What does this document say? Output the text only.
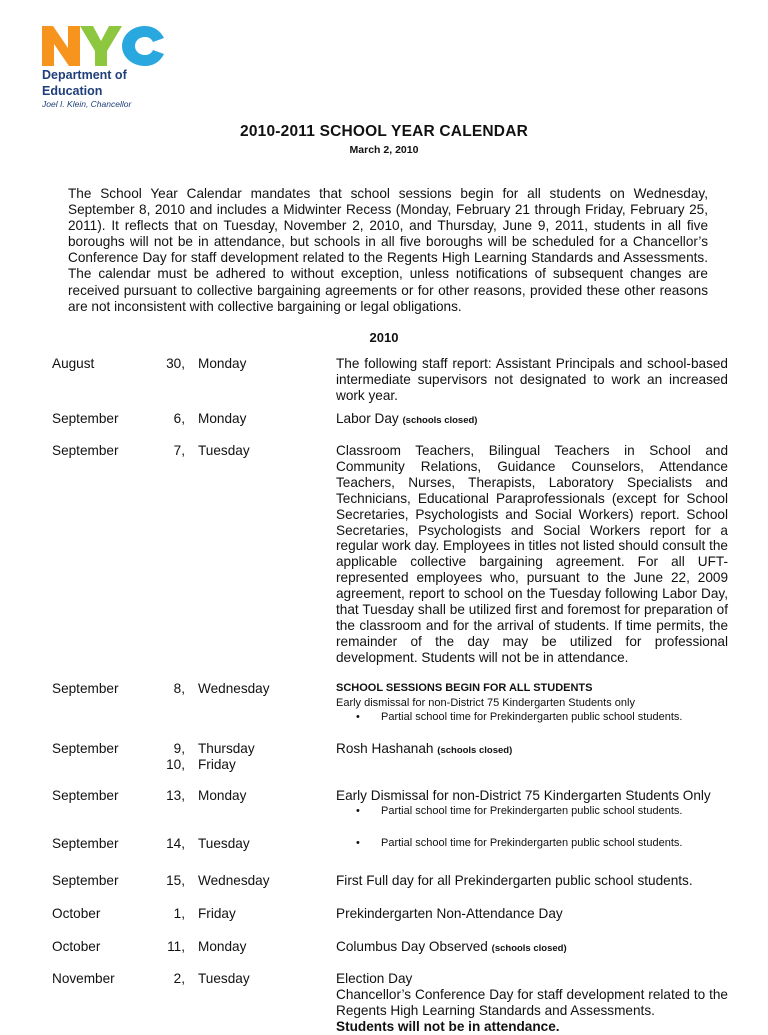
Department of
Education
Joel I. Klein, Chancellor
2010-2011 SCHOOL YEAR CALENDAR
March 2, 2010
The School Year Calendar mandates that school sessions begin for all students on Wednesday, September 8, 2010 and includes a Midwinter Recess (Monday, February 21 through Friday, February 25, 2011). It reflects that on Tuesday, November 2, 2010, and Thursday, June 9, 2011, students in all five boroughs will not be in attendance, but schools in all five boroughs will be scheduled for a Chancellor’s Conference Day for staff development related to the Regents High Learning Standards and Assessments. The calendar must be adhered to without exception, unless notifications of subsequent changes are received pursuant to collective bargaining agreements or for other reasons, provided these other reasons are not inconsistent with collective bargaining or legal obligations.
2010
August	30, Monday	The following staff report: Assistant Principals and school-based intermediate supervisors not designated to work an increased work year.
September	6, Monday	Labor Day (schools closed)
September	7, Tuesday	Classroom Teachers, Bilingual Teachers in School and Community Relations, Guidance Counselors, Attendance Teachers, Nurses, Therapists, Laboratory Specialists and Technicians, Educational Paraprofessionals (except for School Secretaries, Psychologists and Social Workers) report. School Secretaries, Psychologists and Social Workers report for a regular work day. Employees in titles not listed should consult the applicable collective bargaining agreement. For all UFT-represented employees who, pursuant to the June 22, 2009 agreement, report to school on the Tuesday following Labor Day, that Tuesday shall be utilized first and foremost for preparation of the classroom and for the arrival of students. If time permits, the remainder of the day may be utilized for professional development. Students will not be in attendance.
September	8, Wednesday	SCHOOL SESSIONS BEGIN FOR ALL STUDENTS
Early dismissal for non-District 75 Kindergarten Students only
• Partial school time for Prekindergarten public school students.
September	9, Thursday
10, Friday
Rosh Hashanah (schools closed)
September	13, Monday	Early Dismissal for non-District 75 Kindergarten Students Only
• Partial school time for Prekindergarten public school students.
September	14, Tuesday
•	Partial school time for Prekindergarten public school students.
September	15, Wednesday	First Full day for all Prekindergarten public school students.
October	1, Friday	Prekindergarten Non-Attendance Day
October	11, Monday	Columbus Day Observed (schools closed)
November	2, Tuesday	Election Day
Chancellor’s Conference Day for staff development related to the Regents High Learning Standards and Assessments.
Students will not be in attendance.
